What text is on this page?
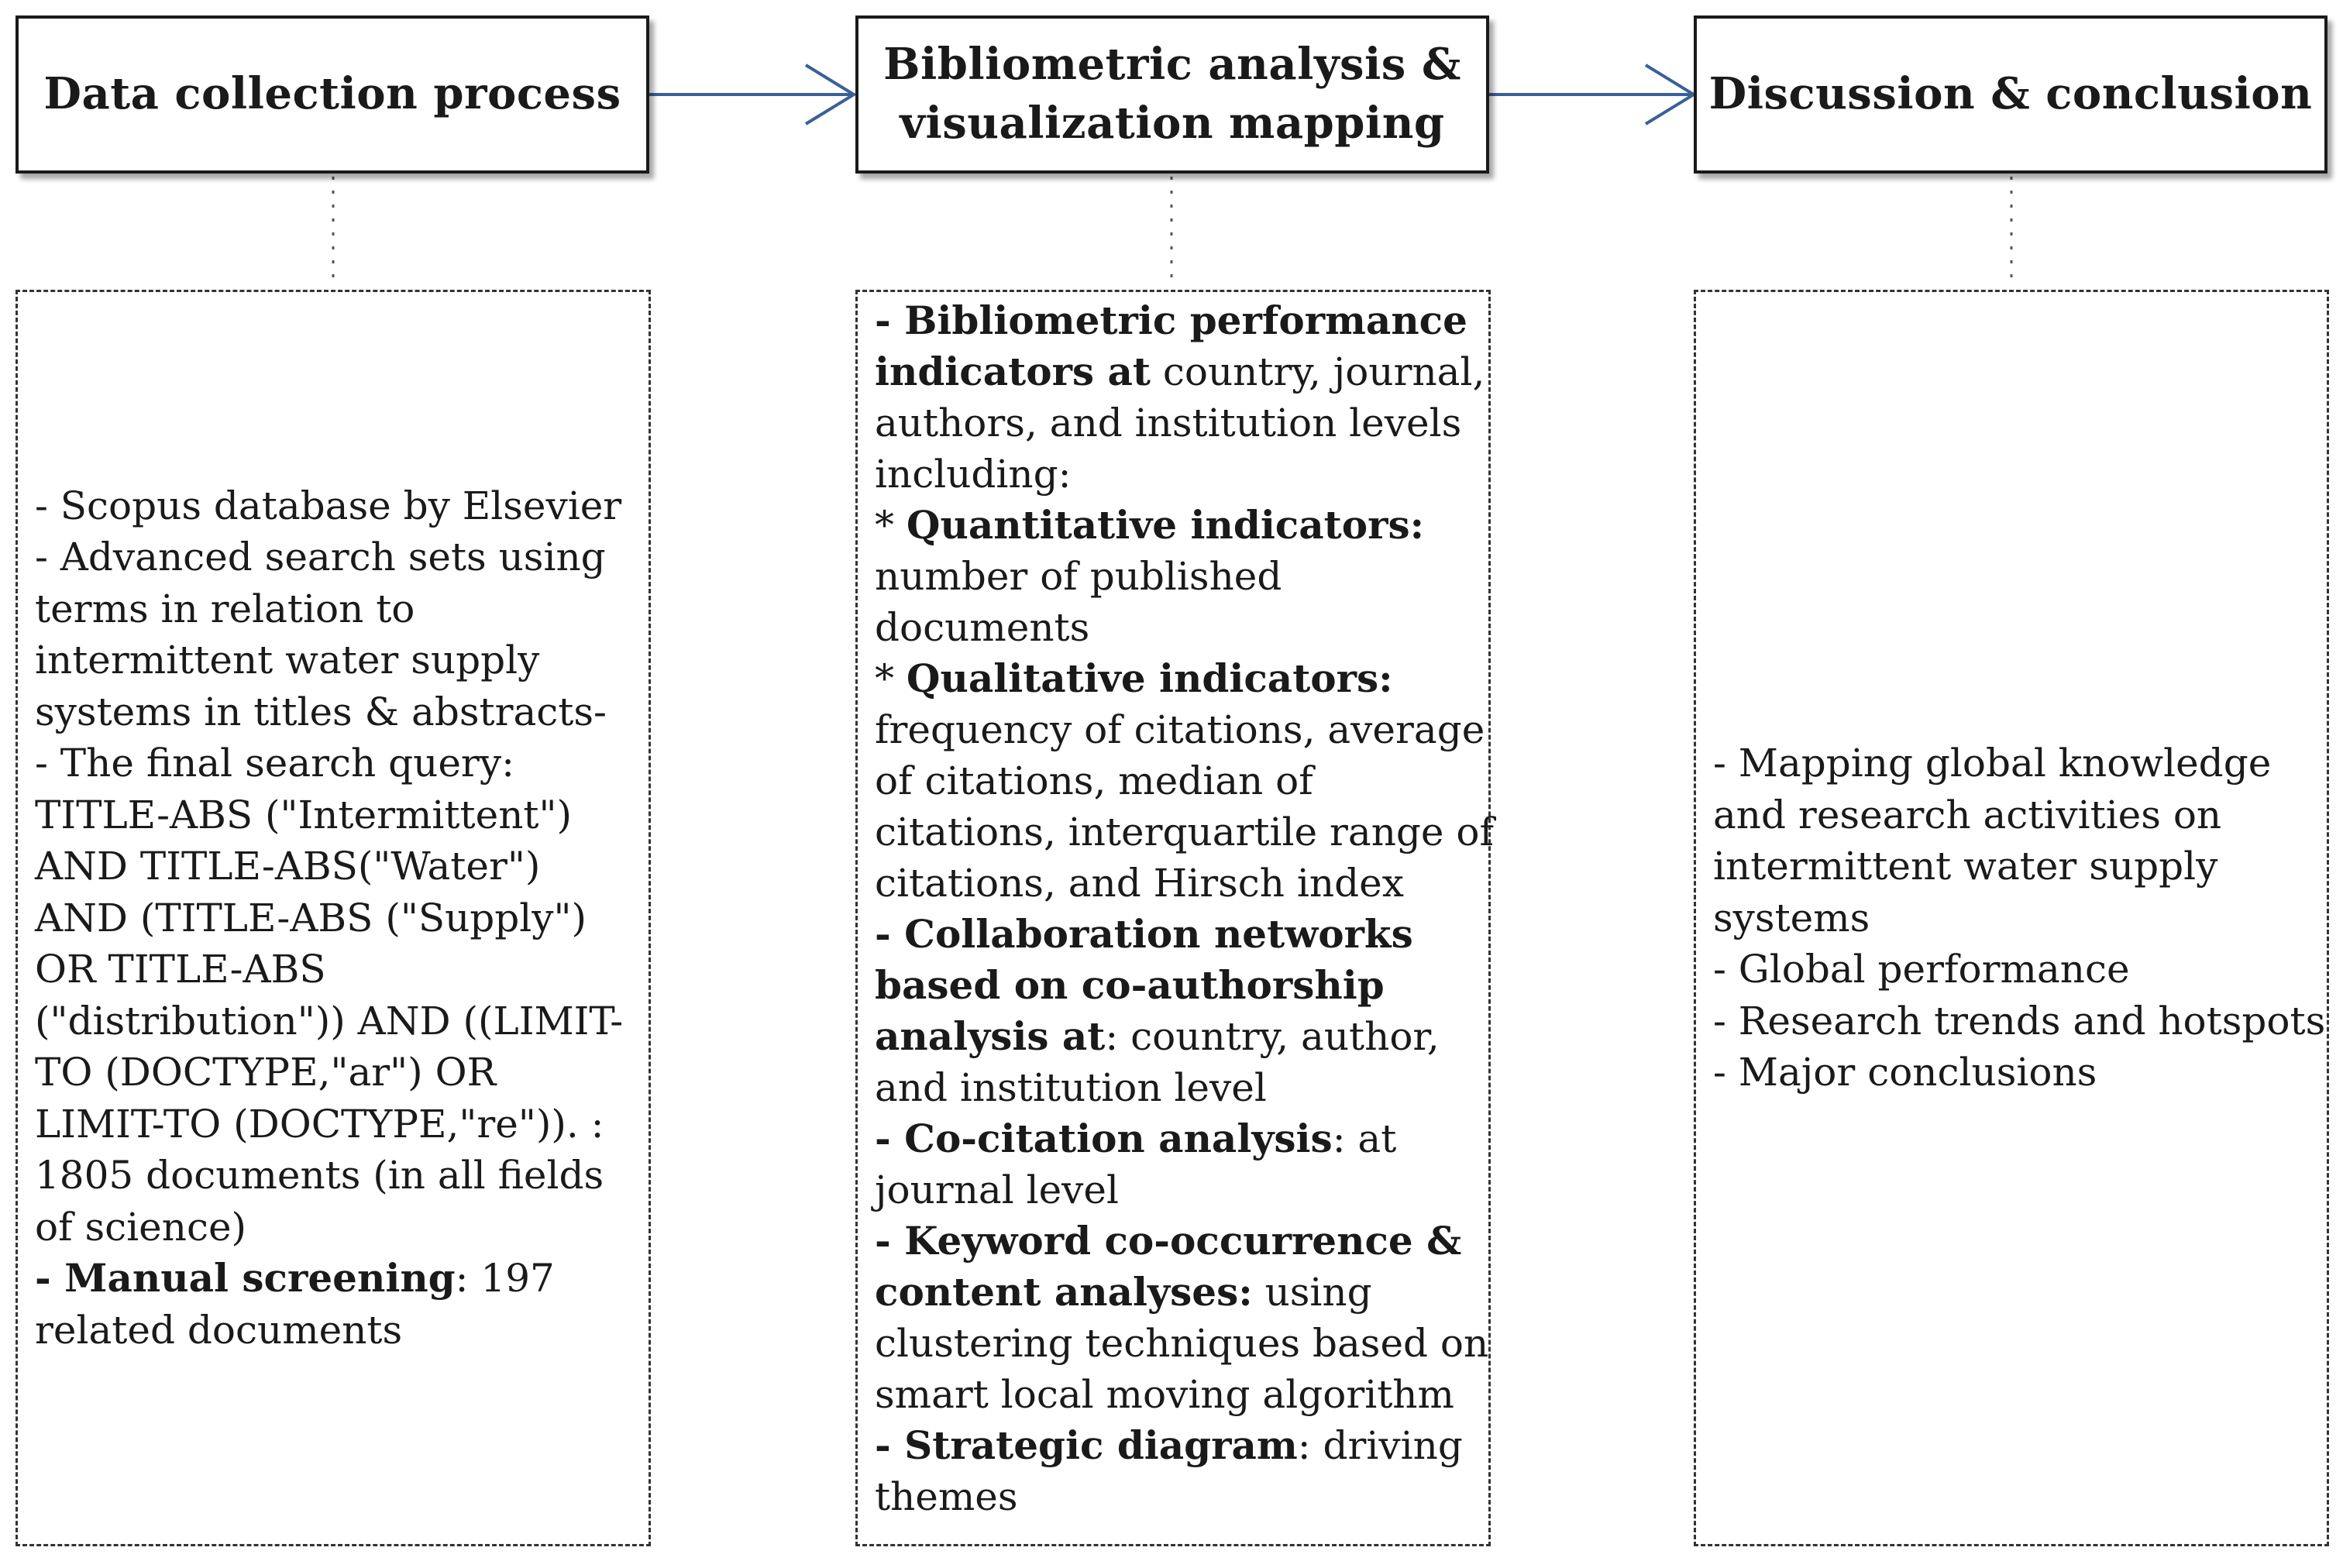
Data collection process
Bibliometric analysis &
visualization mapping
Discussion & conclusion
- Scopus database by Elsevier
- Advanced search sets using
terms in relation to
intermittent water supply
systems in titles & abstracts-
- The final search query:
TITLE-ABS ("Intermittent")
AND TITLE-ABS("Water")
AND (TITLE-ABS ("Supply")
OR TITLE-ABS
("distribution")) AND ((LIMIT-
TO (DOCTYPE,"ar") OR
LIMIT-TO (DOCTYPE,"re")). :
1805 documents (in all fields
of science)
- Manual screening: 197
related documents
- Bibliometric performance
indicators at country, journal,
authors, and institution levels
including:
* Quantitative indicators:
number of published
documents
* Qualitative indicators:
frequency of citations, average
of citations, median of
citations, interquartile range of
citations, and Hirsch index
- Collaboration networks
based on co-authorship
analysis at: country, author,
and institution level
- Co-citation analysis: at
journal level
- Keyword co-occurrence &
content analyses: using
clustering techniques based on
smart local moving algorithm
- Strategic diagram: driving
themes
- Mapping global knowledge
and research activities on
intermittent water supply
systems
- Global performance
- Research trends and hotspots
- Major conclusions
